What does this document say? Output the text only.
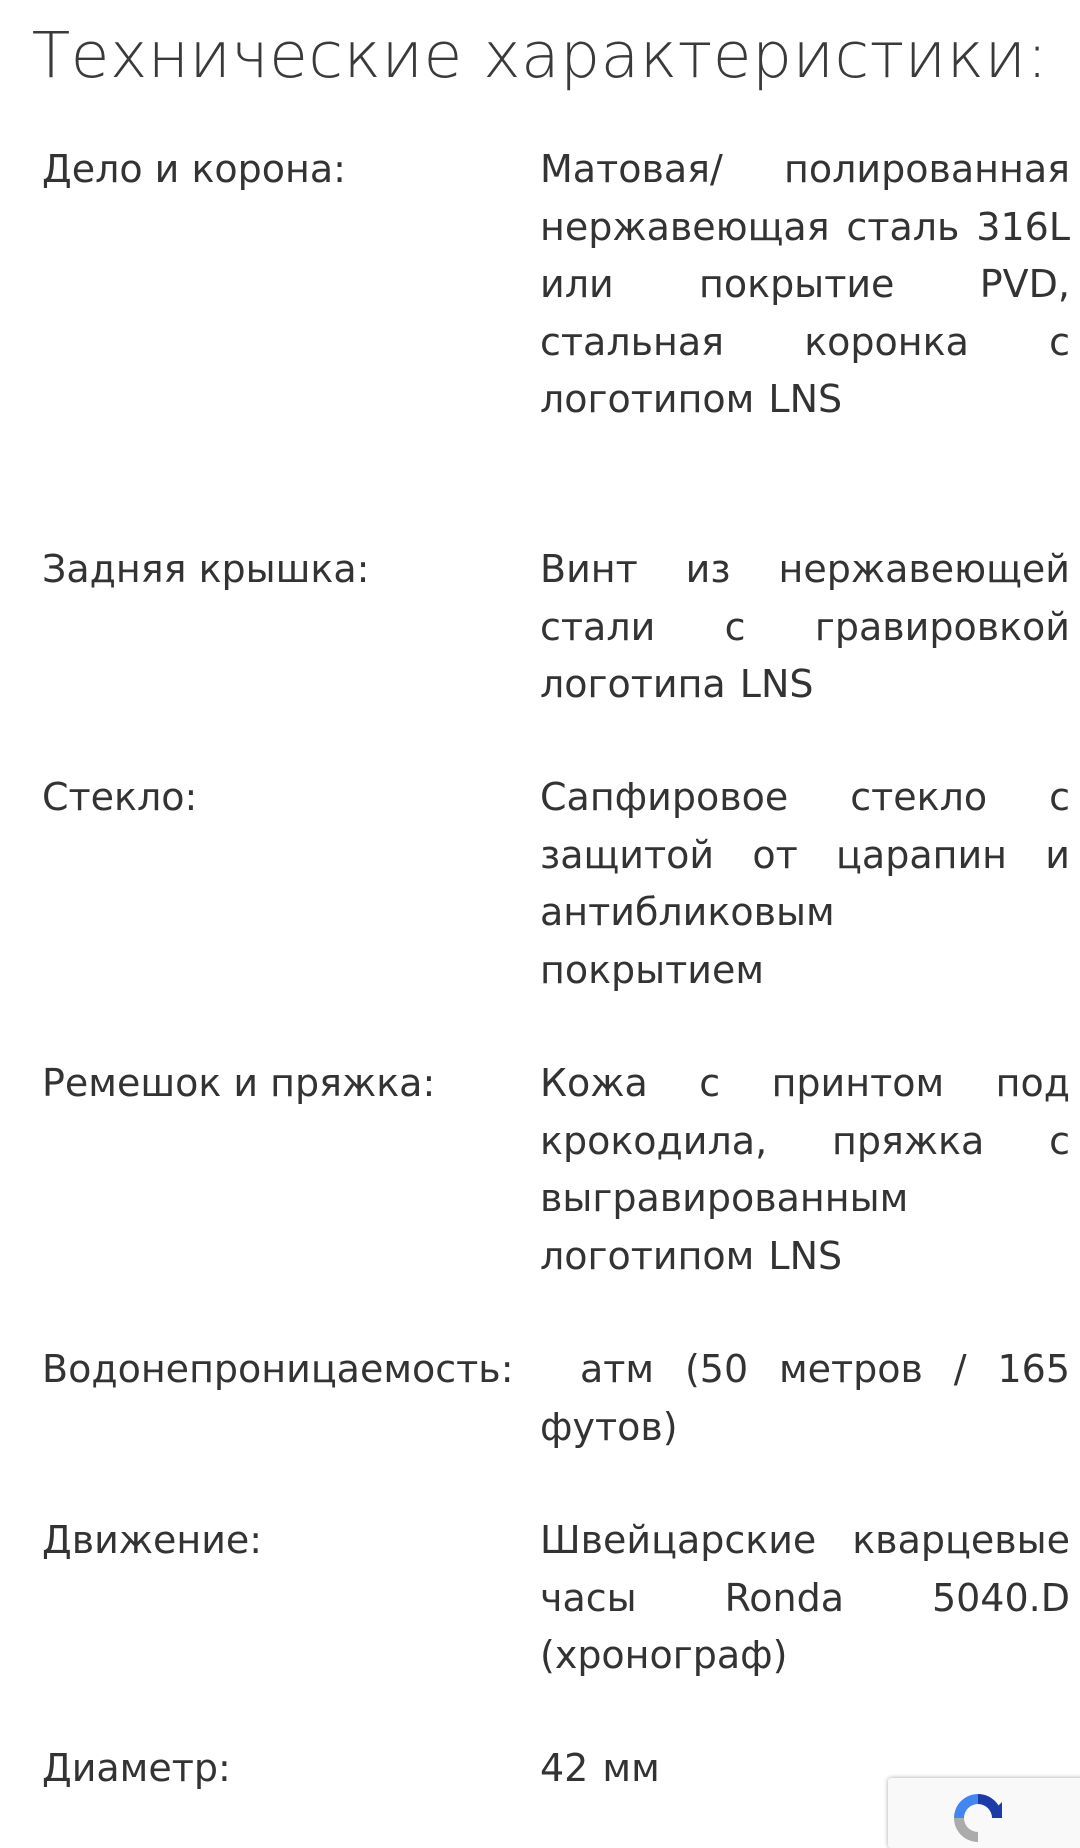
Технические характеристики:
Дело и корона:	Матовая/ полированная нержавеющая сталь 316L или покрытие PVD, стальная коронка с логотипом LNS
Задняя крышка:	Винт из нержавеющей стали с гравировкой логотипа LNS
Стекло:	Сапфировое стекло с защитой от царапин и антибликовым покрытием
Ремешок и пряжка:	Кожа с принтом под крокодила, пряжка с выгравированным логотипом LNS
Водонепроницаемость:	атм (50 метров / 165 футов)
Движение:	Швейцарские кварцевые часы Ronda 5040.D (хронограф)
Диаметр:	42 мм
